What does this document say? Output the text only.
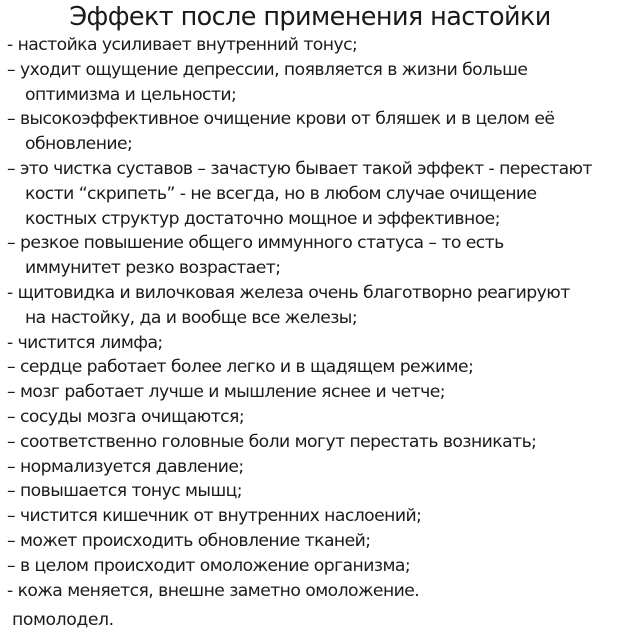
Эффект после применения настойки
- настойка усиливает внутренний тонус;
– уходит ощущение депрессии, появляется в жизни больше
оптимизма и цельности;
– высокоэффективное очищение крови от бляшек и в целом её
обновление;
– это чистка суставов – зачастую бывает такой эффект - перестают
кости “скрипеть” - не всегда, но в любом случае очищение
костных структур достаточно мощное и эффективное;
– резкое повышение общего иммунного статуса – то есть
иммунитет резко возрастает;
- щитовидка и вилочковая железа очень благотворно реагируют
на настойку, да и вообще все железы;
- чистится лимфа;
– сердце работает более легко и в щадящем режиме;
– мозг работает лучше и мышление яснее и четче;
– сосуды мозга очищаются;
– соответственно головные боли могут перестать возникать;
– нормализуется давление;
– повышается тонус мышц;
– чистится кишечник от внутренних наслоений;
– может происходить обновление тканей;
– в целом происходит омоложение организма;
- кожа меняется, внешне заметно омоложение.
помолодел.
